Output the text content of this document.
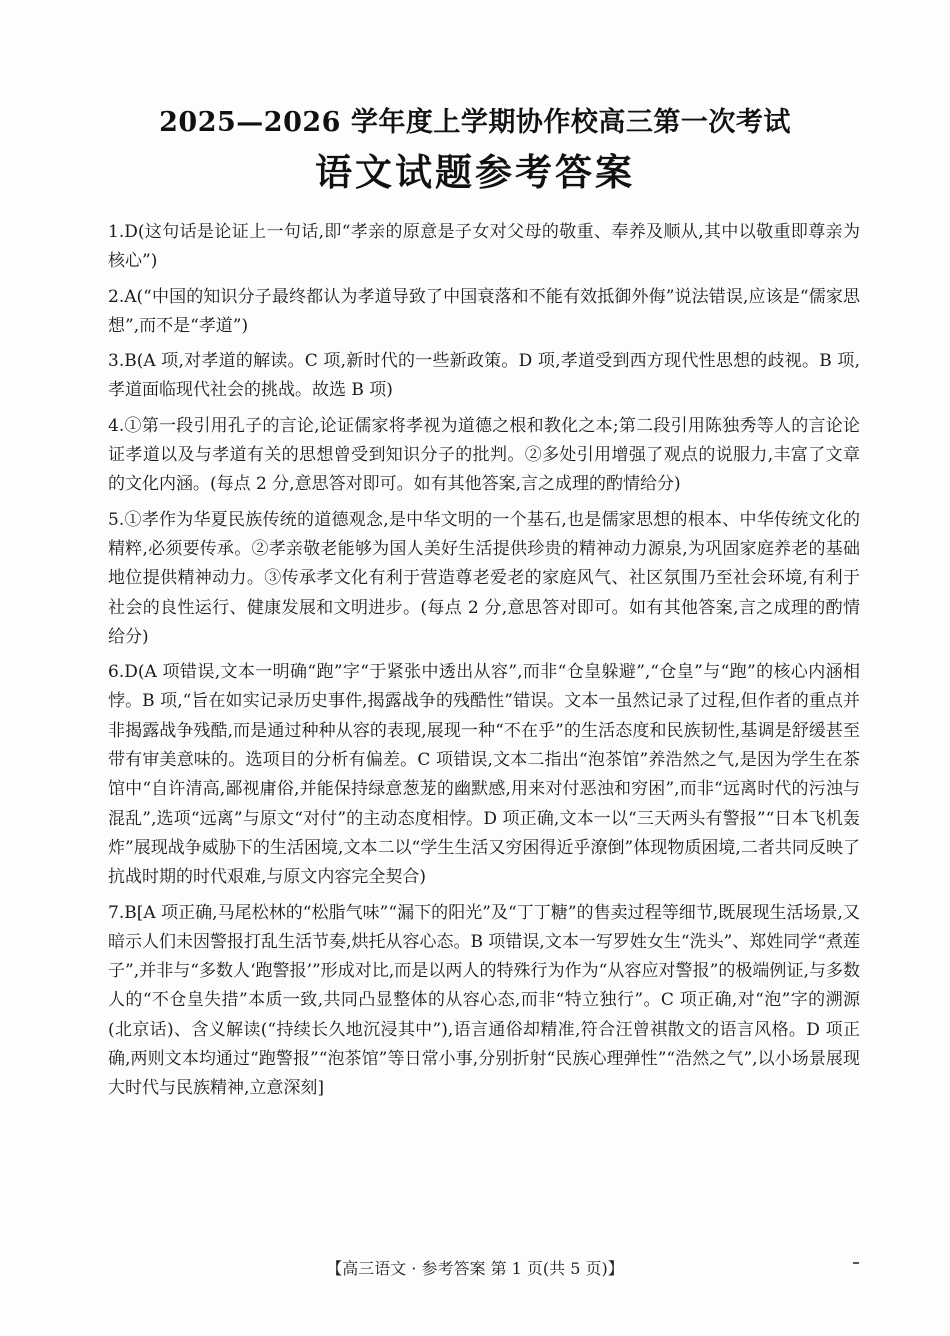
2025—2026 学年度上学期协作校高三第一次考试
语文试题参考答案

1.D(这句话是论证上一句话,即“孝亲的原意是子女对父母的敬重、奉养及顺从,其中以敬重即尊亲为核心”)

2.A(“中国的知识分子最终都认为孝道导致了中国衰落和不能有效抵御外侮”说法错误,应该是“儒家思想”,而不是“孝道”)

3.B(A 项,对孝道的解读。C 项,新时代的一些新政策。D 项,孝道受到西方现代性思想的歧视。B 项,孝道面临现代社会的挑战。故选 B 项)

4.①第一段引用孔子的言论,论证儒家将孝视为道德之根和教化之本;第二段引用陈独秀等人的言论论证孝道以及与孝道有关的思想曾受到知识分子的批判。②多处引用增强了观点的说服力,丰富了文章的文化内涵。(每点 2 分,意思答对即可。如有其他答案,言之成理的酌情给分)

5.①孝作为华夏民族传统的道德观念,是中华文明的一个基石,也是儒家思想的根本、中华传统文化的精粹,必须要传承。②孝亲敬老能够为国人美好生活提供珍贵的精神动力源泉,为巩固家庭养老的基础地位提供精神动力。③传承孝文化有利于营造尊老爱老的家庭风气、社区氛围乃至社会环境,有利于社会的良性运行、健康发展和文明进步。(每点 2 分,意思答对即可。如有其他答案,言之成理的酌情给分)

6.D(A 项错误,文本一明确“跑”字“于紧张中透出从容”,而非“仓皇躲避”,“仓皇”与“跑”的核心内涵相悖。B 项,“旨在如实记录历史事件,揭露战争的残酷性”错误。文本一虽然记录了过程,但作者的重点并非揭露战争残酷,而是通过种种从容的表现,展现一种“不在乎”的生活态度和民族韧性,基调是舒缓甚至带有审美意味的。选项目的分析有偏差。C 项错误,文本二指出“泡茶馆”养浩然之气,是因为学生在茶馆中“自许清高,鄙视庸俗,并能保持绿意葱茏的幽默感,用来对付恶浊和穷困”,而非“远离时代的污浊与混乱”,选项“远离”与原文“对付”的主动态度相悖。D 项正确,文本一以“三天两头有警报”“日本飞机轰炸”展现战争威胁下的生活困境,文本二以“学生生活又穷困得近乎潦倒”体现物质困境,二者共同反映了抗战时期的时代艰难,与原文内容完全契合)

7.B[A 项正确,马尾松林的“松脂气味”“漏下的阳光”及“丁丁糖”的售卖过程等细节,既展现生活场景,又暗示人们未因警报打乱生活节奏,烘托从容心态。B 项错误,文本一写罗姓女生“洗头”、郑姓同学“煮莲子”,并非与“多数人‘跑警报’”形成对比,而是以两人的特殊行为作为“从容应对警报”的极端例证,与多数人的“不仓皇失措”本质一致,共同凸显整体的从容心态,而非“特立独行”。C 项正确,对“泡”字的溯源(北京话)、含义解读(“持续长久地沉浸其中”),语言通俗却精准,符合汪曾祺散文的语言风格。D 项正确,两则文本均通过“跑警报”“泡茶馆”等日常小事,分别折射“民族心理弹性”“浩然之气”,以小场景展现大时代与民族精神,立意深刻]

【高三语文 · 参考答案 第 1 页(共 5 页)】
